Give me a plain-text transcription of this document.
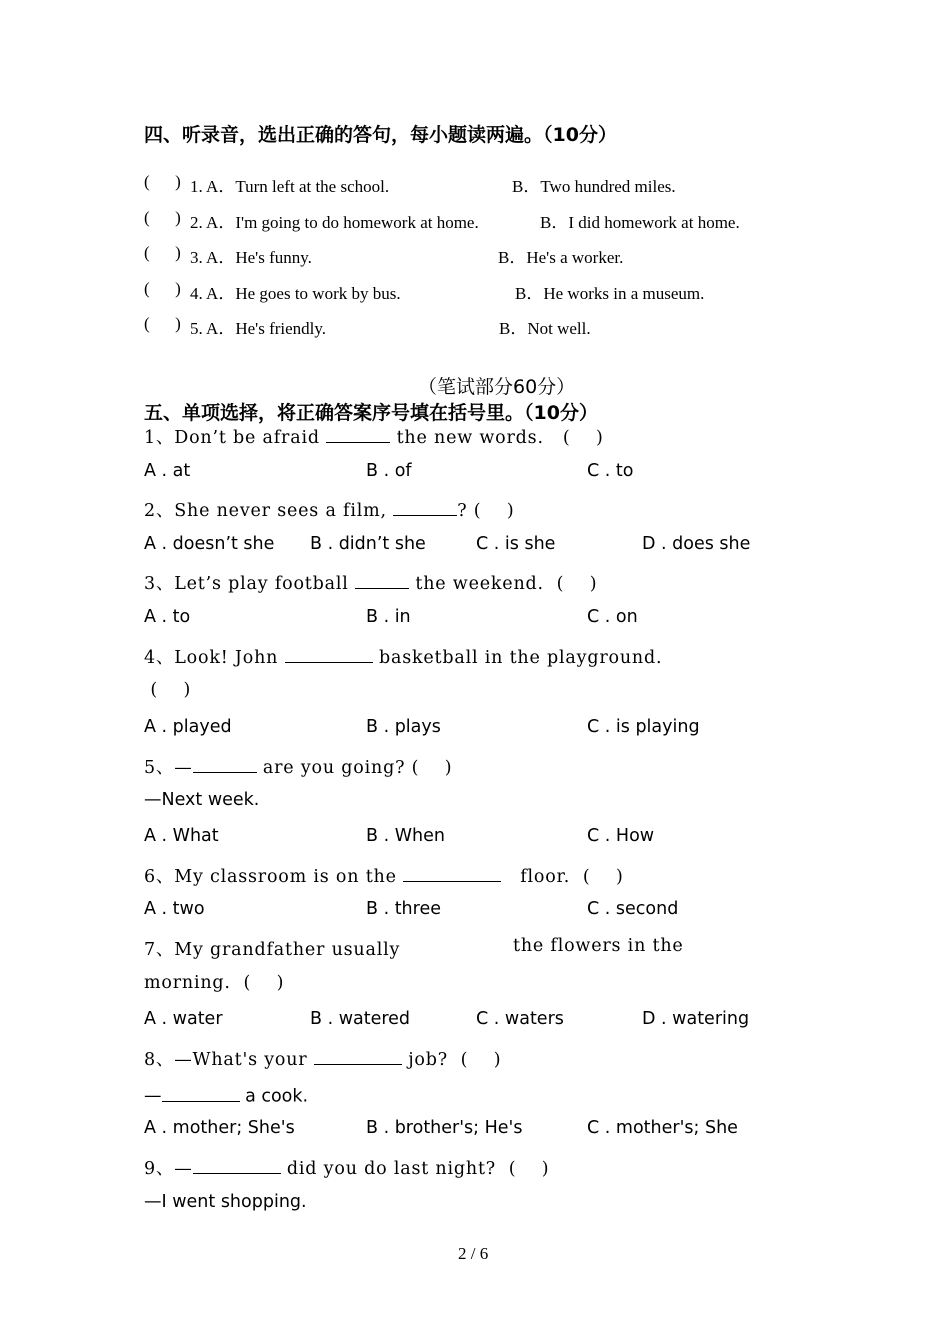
四、听录音，选出正确的答句，每小题读两遍。（10分）
(      ) 1. A．Turn left at the school.	B．Two hundred miles.
(      ) 2. A．I'm going to do homework at home.	B．I did homework at home.
(      ) 3. A．He's funny.	B．He's a worker.
(      ) 4. A．He goes to work by bus.	B．He works in a museum.
(      ) 5. A．He's friendly.	B．Not well.
（笔试部分60分）
五、单项选择，将正确答案序号填在括号里。（10分）
1、Don’t be afraid	the new words.   (    )
A . at	B . of	C . to
2、She never sees a film,	? (    )
A . doesn’t she B . didn’t she	C . is she	D . does she
3、Let’s play football	the weekend.  (    )
A . to	B . in	C . on
4、Look! John	basketball in the playground.
(    )
A . played	B . plays	C . is playing
5、—	are you going? (    )
—Next week.
A . What	B . When	C . How
6、My classroom is on the	floor.  (    )
A . two	B . three	C . second
7、My grandfather usually	the flowers in the
morning.  (    )
A . water	B . watered	C . waters	D . watering
8、—What's your	job?  (    )
—	a cook.
A . mother; She's	B . brother's; He's	C . mother's; She
9、—	did you do last night?  (    )
—I went shopping.
2 / 6
